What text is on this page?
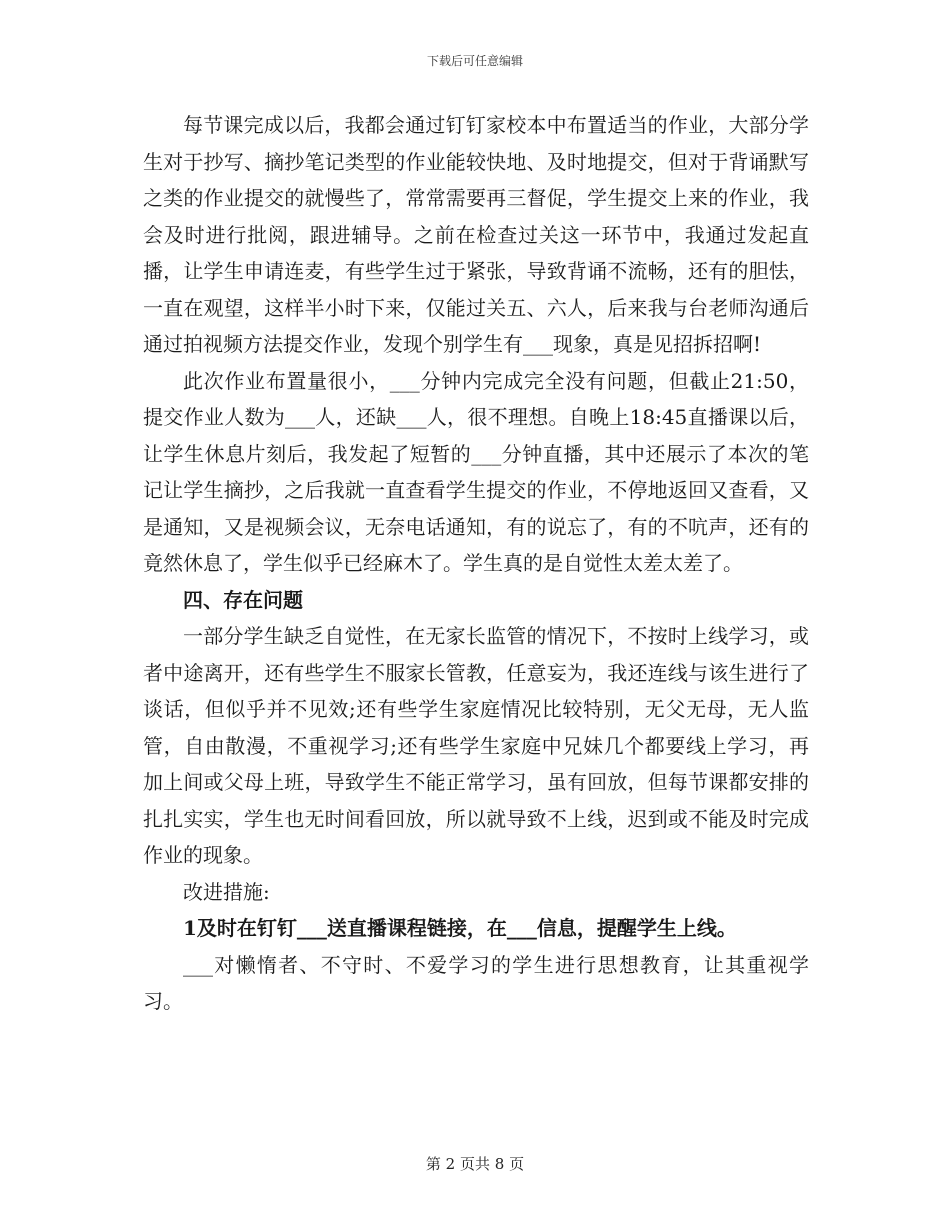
下载后可任意编辑

每节课完成以后，我都会通过钉钉家校本中布置适当的作业，大部分学生对于抄写、摘抄笔记类型的作业能较快地、及时地提交，但对于背诵默写之类的作业提交的就慢些了，常常需要再三督促，学生提交上来的作业，我会及时进行批阅，跟进辅导。之前在检查过关这一环节中，我通过发起直播，让学生申请连麦，有些学生过于紧张，导致背诵不流畅，还有的胆怯，一直在观望，这样半小时下来，仅能过关五、六人，后来我与台老师沟通后通过拍视频方法提交作业，发现个别学生有___现象，真是见招拆招啊!

此次作业布置量很小，___分钟内完成完全没有问题，但截止21:50，提交作业人数为___人，还缺___人，很不理想。自晚上18:45直播课以后，让学生休息片刻后，我发起了短暂的___分钟直播，其中还展示了本次的笔记让学生摘抄，之后我就一直查看学生提交的作业，不停地返回又查看，又是通知，又是视频会议，无奈电话通知，有的说忘了，有的不吭声，还有的竟然休息了，学生似乎已经麻木了。学生真的是自觉性太差太差了。

四、存在问题

一部分学生缺乏自觉性，在无家长监管的情况下，不按时上线学习，或者中途离开，还有些学生不服家长管教，任意妄为，我还连线与该生进行了谈话，但似乎并不见效;还有些学生家庭情况比较特别，无父无母，无人监管，自由散漫，不重视学习;还有些学生家庭中兄妹几个都要线上学习，再加上间或父母上班，导致学生不能正常学习，虽有回放，但每节课都安排的扎扎实实，学生也无时间看回放，所以就导致不上线，迟到或不能及时完成作业的现象。

改进措施:

1及时在钉钉___送直播课程链接，在___信息，提醒学生上线。

___对懒惰者、不守时、不爱学习的学生进行思想教育，让其重视学习。

第 2 页共 8 页
